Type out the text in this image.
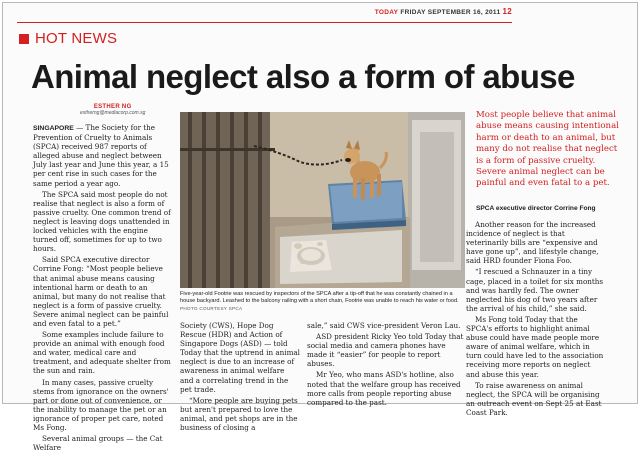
TODAY FRIDAY SEPTEMBER 16, 2011 12
HOT NEWS
Animal neglect also a form of abuse
ESTHER NG
estherng@mediacorp.com.sg

SINGAPORE — The Society for the Prevention of Cruelty to Animals (SPCA) received 987 reports of alleged abuse and neglect between July last year and June this year, a 15 per cent rise in such cases for the same period a year ago.

The SPCA said most people do not realise that neglect is also a form of passive cruelty. One common trend of neglect is leaving dogs unattended in locked vehicles with the engine turned off, sometimes for up to two hours.

Said SPCA executive director Corrine Fong: “Most people believe that animal abuse means causing intentional harm or death to an animal, but many do not realise that neglect is a form of passive cruelty. Severe animal neglect can be painful and even fatal to a pet.”

Some examples include failure to provide an animal with enough food and water, medical care and treatment, and adequate shelter from the sun and rain.

In many cases, passive cruelty stems from ignorance on the owners' part or done out of convenience, or the inability to manage the pet or an ignorance of proper pet care, noted Ms Fong.

Several animal groups — the Cat Welfare

Five-year-old Footrie was rescued by inspectors of the SPCA after a tip-off that he was constantly chained in a house backyard. Leashed to the balcony railing with a short chain, Footrie was unable to reach his water or food. PHOTO COURTESY SPCA

Society (CWS), Hope Dog Rescue (HDR) and Action of Singapore Dogs (ASD) — told Today that the uptrend in animal neglect is due to an increase of awareness in animal welfare and a correlating trend in the pet trade.

“More people are buying pets but aren't prepared to love the animal, and pet shops are in the business of closing a

sale,” said CWS vice-president Veron Lau.

ASD president Ricky Yeo told Today that social media and camera phones have made it “easier” for people to report abuses.

Mr Yeo, who mans ASD's hotline, also noted that the welfare group has received more calls from people reporting abuse compared to the past.

Most people believe that animal abuse means causing intentional harm or death to an animal, but many do not realise that neglect is a form of passive cruelty. Severe animal neglect can be painful and even fatal to a pet.
SPCA executive director Corrine Fong

Another reason for the increased incidence of neglect is that veterinarily bills are “expensive and have gone up”, and lifestyle change, said HRD founder Fiona Foo.

“I rescued a Schnauzer in a tiny cage, placed in a toilet for six months and was hardly fed. The owner neglected his dog of two years after the arrival of his child,” she said.

Ms Fong told Today that the SPCA's efforts to highlight animal abuse could have made people more aware of animal welfare, which in turn could have led to the association receiving more reports on neglect and abuse this year.

To raise awareness on animal neglect, the SPCA will be organising an outreach event on Sept 25 at East Coast Park.
